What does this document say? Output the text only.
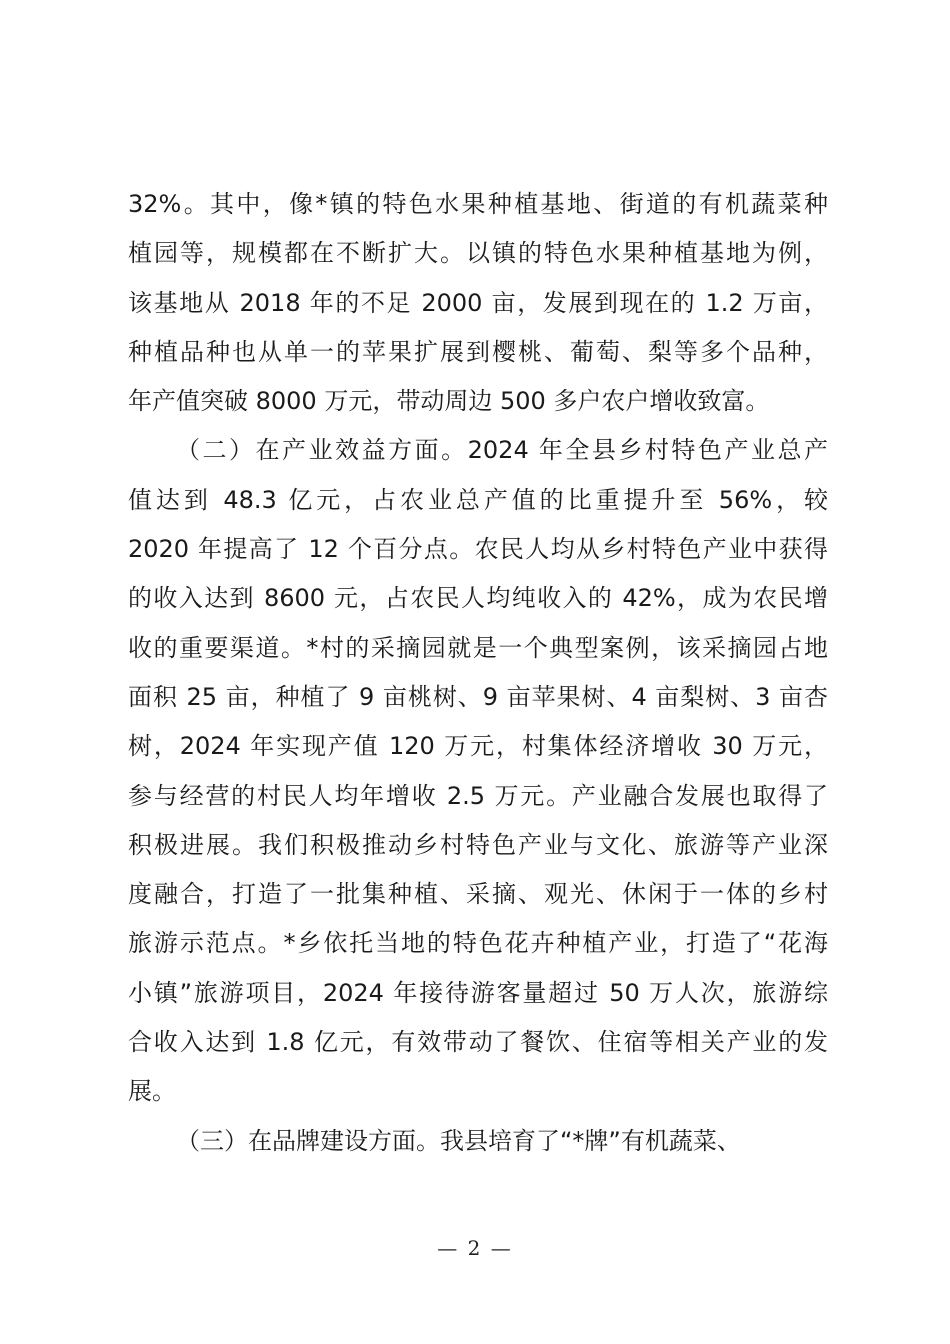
32%。其中，像*镇的特色水果种植基地、街道的有机蔬菜种
植园等，规模都在不断扩大。以镇的特色水果种植基地为例，
该基地从 2018 年的不足 2000 亩，发展到现在的 1.2 万亩，
种植品种也从单一的苹果扩展到樱桃、葡萄、梨等多个品种，
年产值突破 8000 万元，带动周边 500 多户农户增收致富。
（二）在产业效益方面。2024 年全县乡村特色产业总产
值达到 48.3 亿元，占农业总产值的比重提升至 56%，较
2020 年提高了 12 个百分点。农民人均从乡村特色产业中获得
的收入达到 8600 元，占农民人均纯收入的 42%，成为农民增
收的重要渠道。*村的采摘园就是一个典型案例，该采摘园占地
面积 25 亩，种植了 9 亩桃树、9 亩苹果树、4 亩梨树、3 亩杏
树，2024 年实现产值 120 万元，村集体经济增收 30 万元，
参与经营的村民人均年增收 2.5 万元。产业融合发展也取得了
积极进展。我们积极推动乡村特色产业与文化、旅游等产业深
度融合，打造了一批集种植、采摘、观光、休闲于一体的乡村
旅游示范点。*乡依托当地的特色花卉种植产业，打造了“花海
小镇”旅游项目，2024 年接待游客量超过 50 万人次，旅游综
合收入达到 1.8 亿元，有效带动了餐饮、住宿等相关产业的发
展。
（三）在品牌建设方面。我县培育了“*牌”有机蔬菜、
— 2 —
